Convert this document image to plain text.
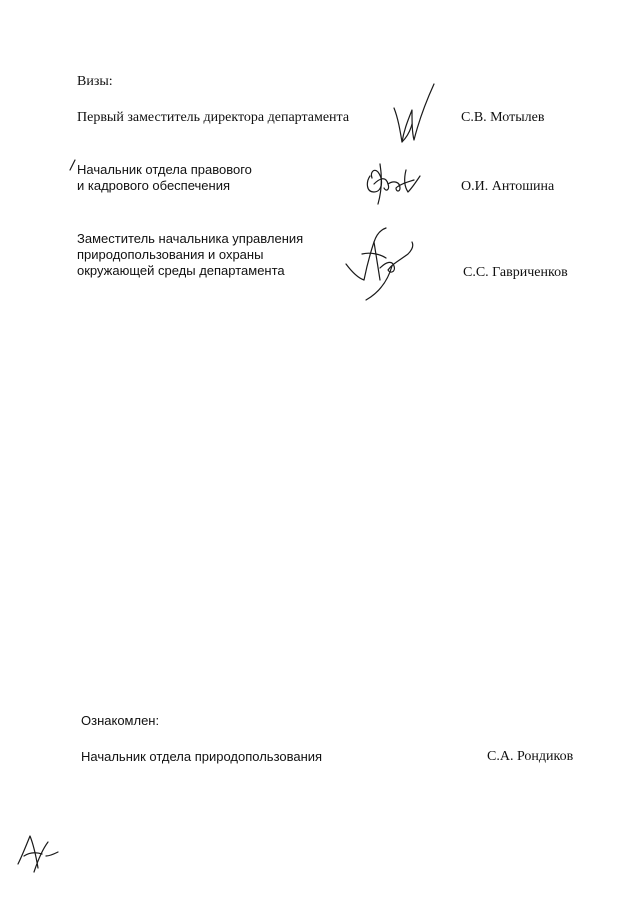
Визы:
Первый заместитель директора департамента	С.В. Мотылев
Начальник отдела правового
и кадрового обеспечения	О.И. Антошина
Заместитель начальника управления
природопользования и охраны
окружающей среды департамента	С.С. Гавриченков
Ознакомлен:
Начальник отдела природопользования	С.А. Рондиков
